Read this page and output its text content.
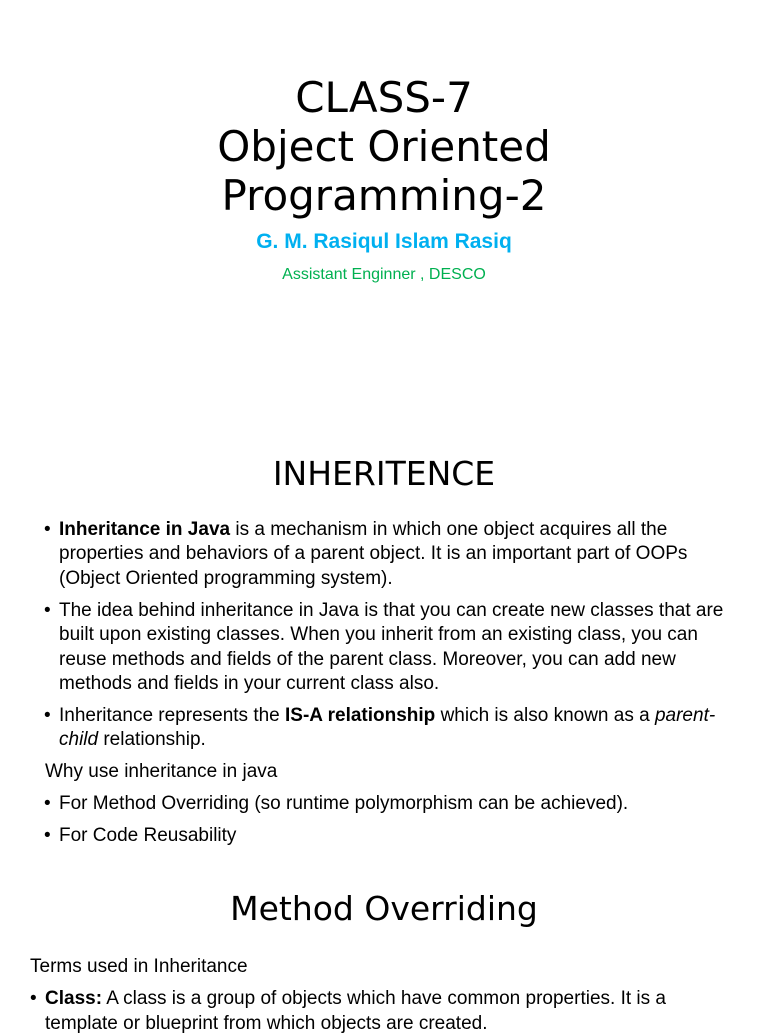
CLASS-7
Object Oriented
Programming-2
G. M. Rasiqul Islam Rasiq
Assistant Enginner , DESCO
INHERITENCE
• Inheritance in Java is a mechanism in which one object acquires all the properties and behaviors of a parent object. It is an important part of OOPs (Object Oriented programming system).
• The idea behind inheritance in Java is that you can create new classes that are built upon existing classes. When you inherit from an existing class, you can reuse methods and fields of the parent class. Moreover, you can add new methods and fields in your current class also.
• Inheritance represents the IS-A relationship which is also known as a parent-child relationship.
Why use inheritance in java
• For Method Overriding (so runtime polymorphism can be achieved).
• For Code Reusability
Method Overriding
Terms used in Inheritance
• Class: A class is a group of objects which have common properties. It is a template or blueprint from which objects are created.
